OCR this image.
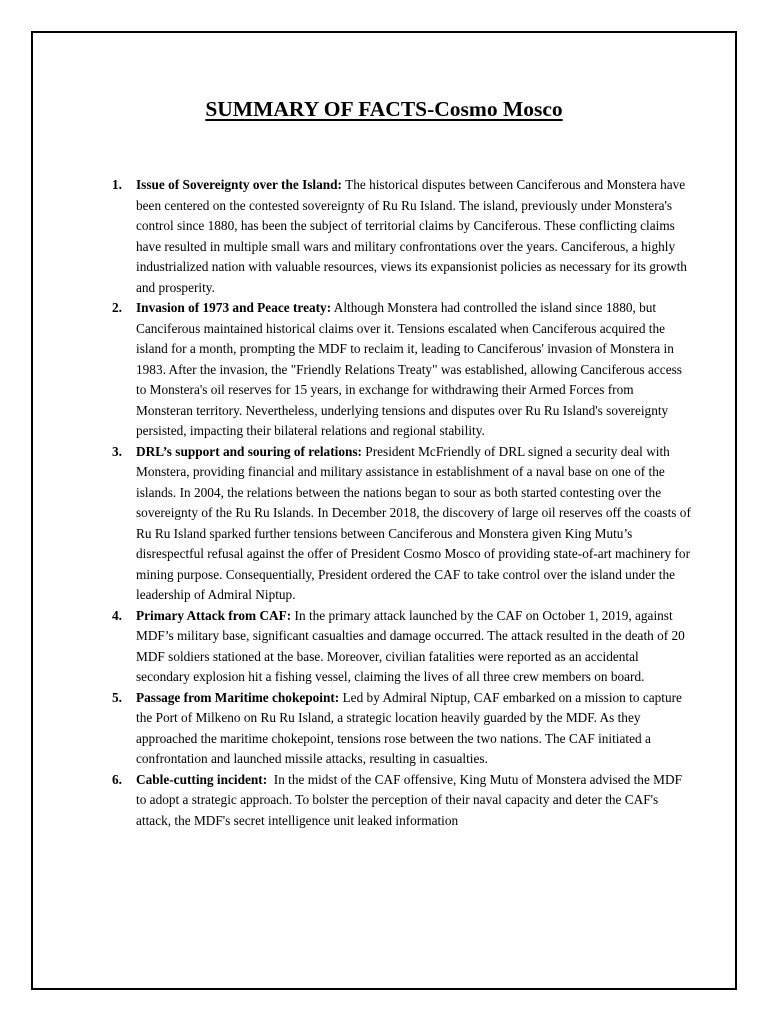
SUMMARY OF FACTS-Cosmo Mosco
1.	Issue of Sovereignty over the Island: The historical disputes between Canciferous and Monstera have been centered on the contested sovereignty of Ru Ru Island. The island, previously under Monstera's control since 1880, has been the subject of territorial claims by Canciferous. These conflicting claims have resulted in multiple small wars and military confrontations over the years. Canciferous, a highly industrialized nation with valuable resources, views its expansionist policies as necessary for its growth and prosperity.
2.	Invasion of 1973 and Peace treaty: Although Monstera had controlled the island since 1880, but Canciferous maintained historical claims over it. Tensions escalated when Canciferous acquired the island for a month, prompting the MDF to reclaim it, leading to Canciferous' invasion of Monstera in 1983. After the invasion, the "Friendly Relations Treaty" was established, allowing Canciferous access to Monstera's oil reserves for 15 years, in exchange for withdrawing their Armed Forces from Monsteran territory. Nevertheless, underlying tensions and disputes over Ru Ru Island's sovereignty persisted, impacting their bilateral relations and regional stability.
3.	DRL’s support and souring of relations: President McFriendly of DRL signed a security deal with Monstera, providing financial and military assistance in establishment of a naval base on one of the islands. In 2004, the relations between the nations began to sour as both started contesting over the sovereignty of the Ru Ru Islands. In December 2018, the discovery of large oil reserves off the coasts of Ru Ru Island sparked further tensions between Canciferous and Monstera given King Mutu’s disrespectful refusal against the offer of President Cosmo Mosco of providing state-of-art machinery for mining purpose. Consequentially, President ordered the CAF to take control over the island under the leadership of Admiral Niptup.
4.	Primary Attack from CAF: In the primary attack launched by the CAF on October 1, 2019, against MDF’s military base, significant casualties and damage occurred. The attack resulted in the death of 20 MDF soldiers stationed at the base. Moreover, civilian fatalities were reported as an accidental secondary explosion hit a fishing vessel, claiming the lives of all three crew members on board.
5.	Passage from Maritime chokepoint: Led by Admiral Niptup, CAF embarked on a mission to capture the Port of Milkeno on Ru Ru Island, a strategic location heavily guarded by the MDF. As they approached the maritime chokepoint, tensions rose between the two nations. The CAF initiated a confrontation and launched missile attacks, resulting in casualties.
6.	Cable-cutting incident: In the midst of the CAF offensive, King Mutu of Monstera advised the MDF to adopt a strategic approach. To bolster the perception of their naval capacity and deter the CAF's attack, the MDF's secret intelligence unit leaked information
